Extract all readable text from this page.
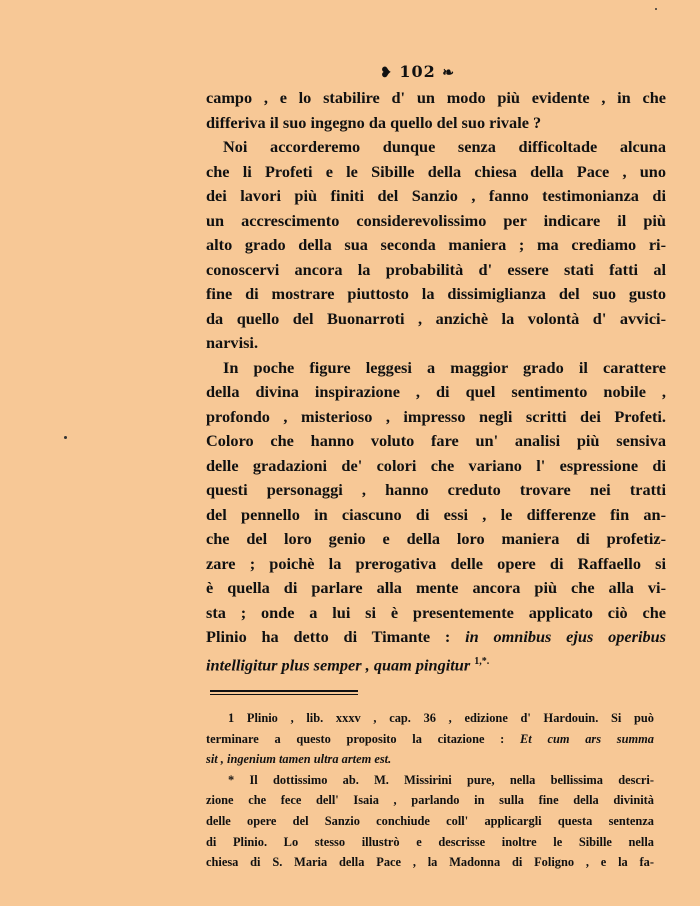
❥ 102 ❧
campo , e lo stabilire d' un modo più evidente , in che
differiva il suo ingegno da quello del suo rivale ?
Noi accorderemo dunque senza difficoltade alcuna
che li Profeti e le Sibille della chiesa della Pace , uno
dei lavori più finiti del Sanzio , fanno testimonianza di
un accrescimento considerevolissimo per indicare il più
alto grado della sua seconda maniera ; ma crediamo ri-
conoscervi ancora la probabilità d' essere stati fatti al
fine di mostrare piuttosto la dissimiglianza del suo gusto
da quello del Buonarroti , anzichè la volontà d' avvici-
narvisi.
In poche figure leggesi a maggior grado il carattere
della divina inspirazione , di quel sentimento nobile ,
profondo , misterioso , impresso negli scritti dei Profeti.
Coloro che hanno voluto fare un' analisi più sensiva
delle gradazioni de' colori che variano l' espressione di
questi personaggi , hanno creduto trovare nei tratti
del pennello in ciascuno di essi , le differenze fin an-
che del loro genio e della loro maniera di profetiz-
zare ; poichè la prerogativa delle opere di Raffaello si
è quella di parlare alla mente ancora più che alla vi-
sta ; onde a lui si è presentemente applicato ciò che
Plinio ha detto di Timante : in omnibus ejus operibus
intelligitur plus semper , quam pingitur $^{1,*.}$
1 Plinio , lib. xxxv , cap. 36 , edizione d' Hardouin. Si può
terminare a questo proposito la citazione : Et cum ars summa
sit , ingenium tamen ultra artem est.
* Il dottissimo ab. M. Missirini pure, nella bellissima descri-
zione che fece dell' Isaia , parlando in sulla fine della divinità
delle opere del Sanzio conchiude coll' applicargli questa sentenza
di Plinio. Lo stesso illustrò e descrisse inoltre le Sibille nella
chiesa di S. Maria della Pace , la Madonna di Foligno , e la fa-
